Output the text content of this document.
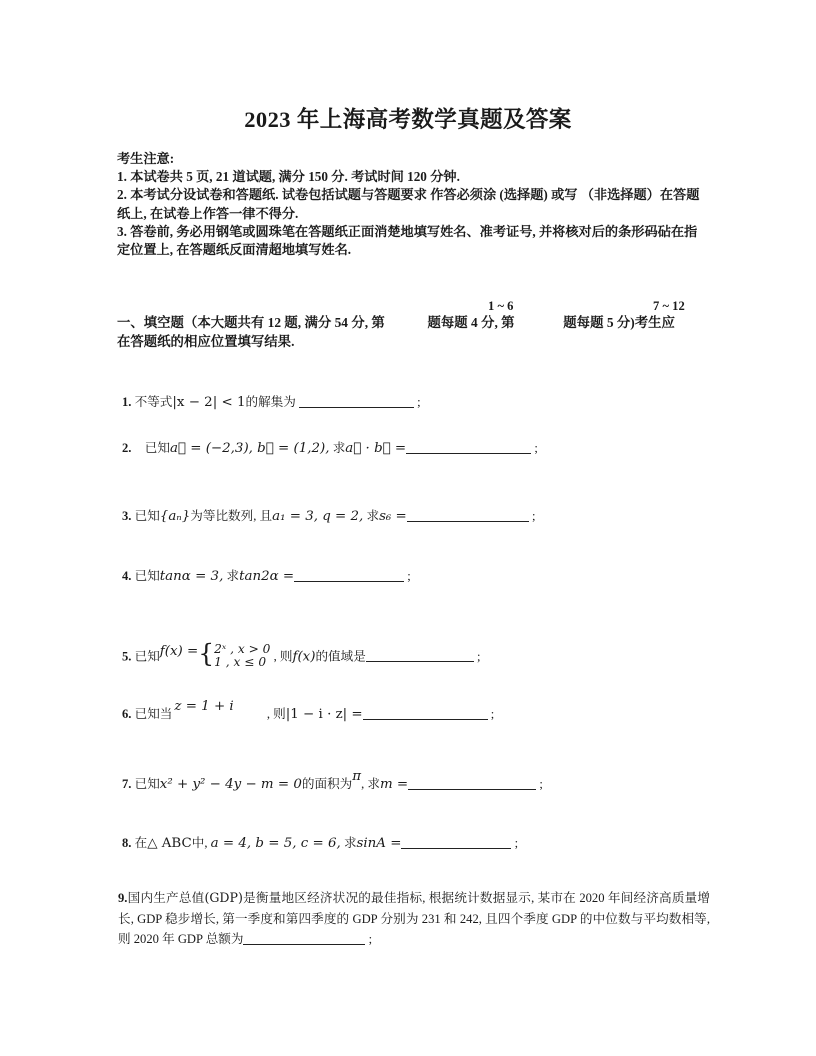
2023 年上海高考数学真题及答案
考生注意:
1. 本试卷共 5 页, 21 道试题, 满分 150 分. 考试时间 120 分钟.
2. 本考试分设试卷和答题纸. 试卷包括试题与答题要求 作答必须涂 (选择题) 或写 （非选择题）在答题纸上, 在试卷上作答一律不得分.
3. 答卷前, 务必用钢笔或圆珠笔在答题纸正面消楚地填写姓名、准考证号, 并将核对后的条形码砧在指定位置上, 在答题纸反面清超地填写姓名.
1 ~ 6	7 ~ 12
一、填空题（本大题共有 12 题, 满分 54 分, 第	题每题 4 分, 第	题每题 5 分)考生应
在答题纸的相应位置填写结果.
1. 不等式|x − 2| < 1的解集为	;
2. 已知a⃗ = (−2,3), b⃗ = (1,2), 求a⃗ · b⃗ =	;
3. 已知{aₙ}为等比数列, 且a₁ = 3, q = 2, 求s₆ =	;
4. 已知tanα = 3, 求tan2α =	;
5. 已知f(x) ={ 2ˣ , x > 0
1 , x ≤ 0 , 则f(x)的值域是	;
6. 已知当 z = 1 + i	, 则|1 − i · z| =	;
7. 已知x² + y² − 4y − m = 0的面积为π, 求m =	;
8. 在△ ABC中, a = 4, b = 5, c = 6, 求sinA =	;
9.国内生产总值(GDP)是衡量地区经济状况的最佳指标, 根据统计数据显示, 某市在 2020 年间经济高质量增长, GDP 稳步增长, 第一季度和第四季度的 GDP 分别为 231 和 242, 且四个季度 GDP 的中位数与平均数相等, 则 2020 年 GDP 总额为	;
